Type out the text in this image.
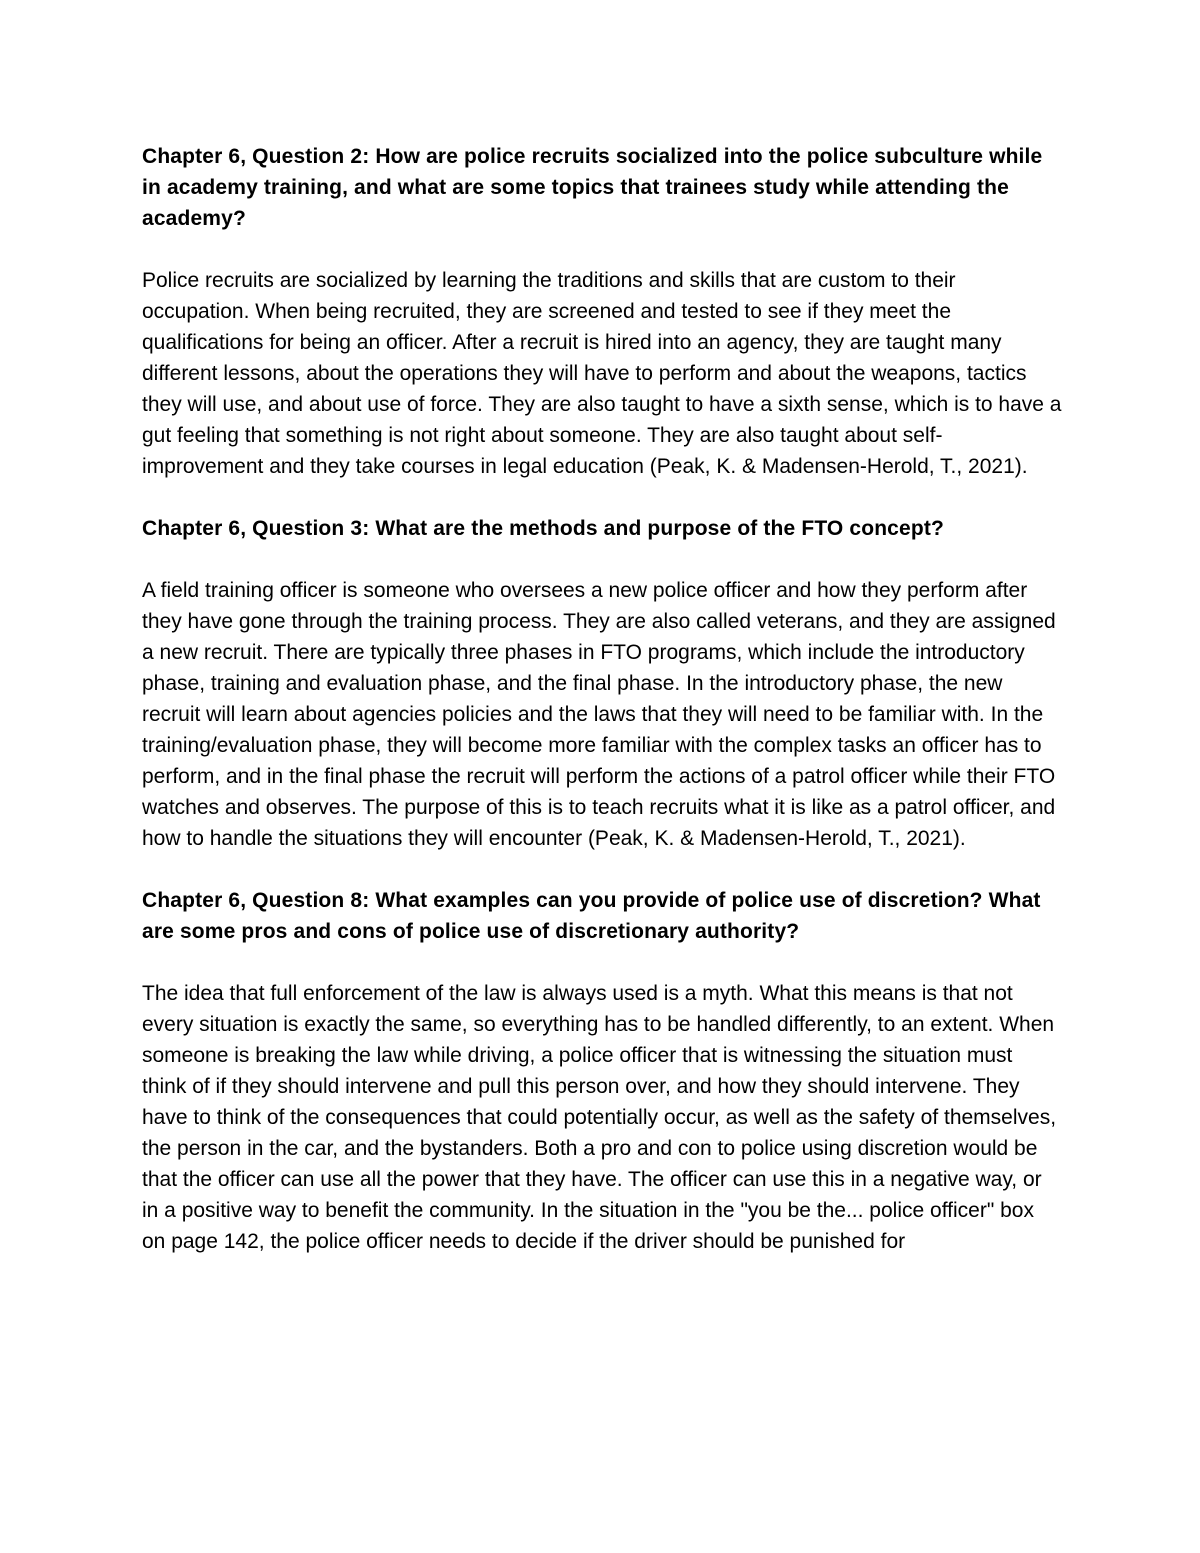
Chapter 6, Question 2: How are police recruits socialized into the police subculture while in academy training, and what are some topics that trainees study while attending the academy?

Police recruits are socialized by learning the traditions and skills that are custom to their occupation. When being recruited, they are screened and tested to see if they meet the qualifications for being an officer. After a recruit is hired into an agency, they are taught many different lessons, about the operations they will have to perform and about the weapons, tactics they will use, and about use of force. They are also taught to have a sixth sense, which is to have a gut feeling that something is not right about someone. They are also taught about self-improvement and they take courses in legal education (Peak, K. & Madensen-Herold, T., 2021).

Chapter 6, Question 3: What are the methods and purpose of the FTO concept?

A field training officer is someone who oversees a new police officer and how they perform after they have gone through the training process. They are also called veterans, and they are assigned a new recruit. There are typically three phases in FTO programs, which include the introductory phase, training and evaluation phase, and the final phase. In the introductory phase, the new recruit will learn about agencies policies and the laws that they will need to be familiar with. In the training/evaluation phase, they will become more familiar with the complex tasks an officer has to perform, and in the final phase the recruit will perform the actions of a patrol officer while their FTO watches and observes. The purpose of this is to teach recruits what it is like as a patrol officer, and how to handle the situations they will encounter (Peak, K. & Madensen-Herold, T., 2021).

Chapter 6, Question 8: What examples can you provide of police use of discretion? What are some pros and cons of police use of discretionary authority?

The idea that full enforcement of the law is always used is a myth. What this means is that not every situation is exactly the same, so everything has to be handled differently, to an extent. When someone is breaking the law while driving, a police officer that is witnessing the situation must think of if they should intervene and pull this person over, and how they should intervene. They have to think of the consequences that could potentially occur, as well as the safety of themselves, the person in the car, and the bystanders. Both a pro and con to police using discretion would be that the officer can use all the power that they have. The officer can use this in a negative way, or in a positive way to benefit the community. In the situation in the "you be the... police officer" box on page 142, the police officer needs to decide if the driver should be punished for
